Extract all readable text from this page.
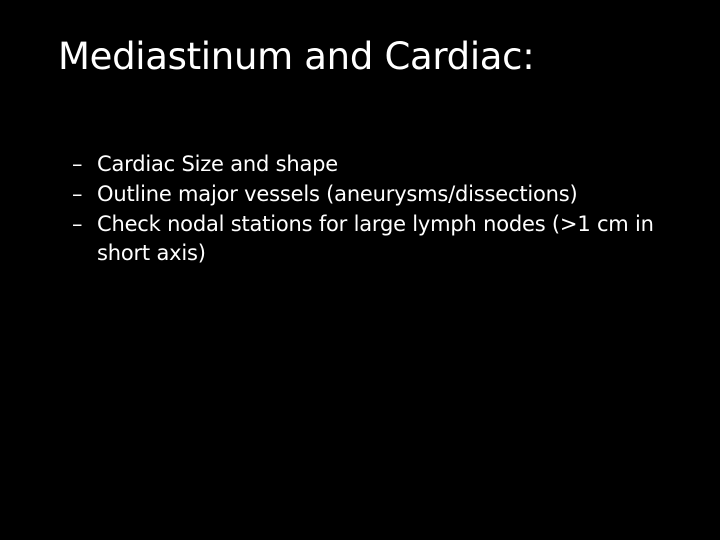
Mediastinum and Cardiac:
– Cardiac Size and shape
– Outline major vessels (aneurysms/dissections)
– Check nodal stations for large lymph nodes (>1 cm in short axis)
